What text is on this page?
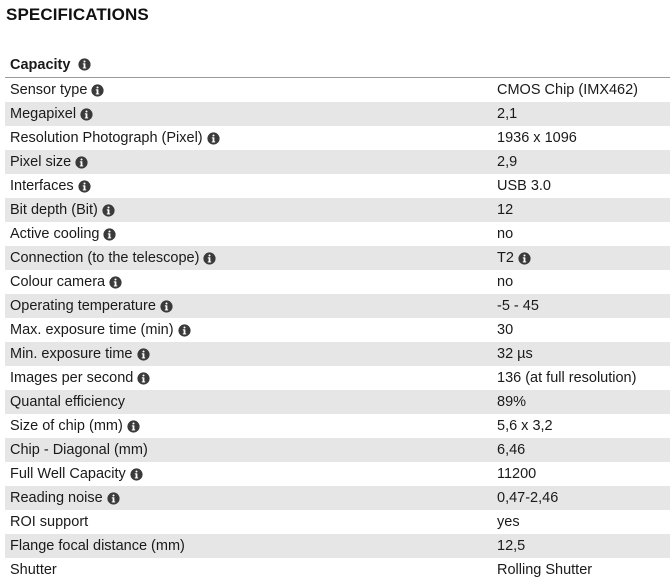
SPECIFICATIONS
Capacity
Sensor type	CMOS Chip (IMX462)
Megapixel	2,1
Resolution Photograph (Pixel)	1936 x 1096
Pixel size	2,9
Interfaces	USB 3.0
Bit depth (Bit)	12
Active cooling	no
Connection (to the telescope)	T2
Colour camera	no
Operating temperature	-5 - 45
Max. exposure time (min)	30
Min. exposure time	32 µs
Images per second	136 (at full resolution)
Quantal efficiency	89%
Size of chip (mm)	5,6 x 3,2
Chip - Diagonal (mm)	6,46
Full Well Capacity	11200
Reading noise	0,47-2,46
ROI support	yes
Flange focal distance (mm)	12,5
Shutter	Rolling Shutter
